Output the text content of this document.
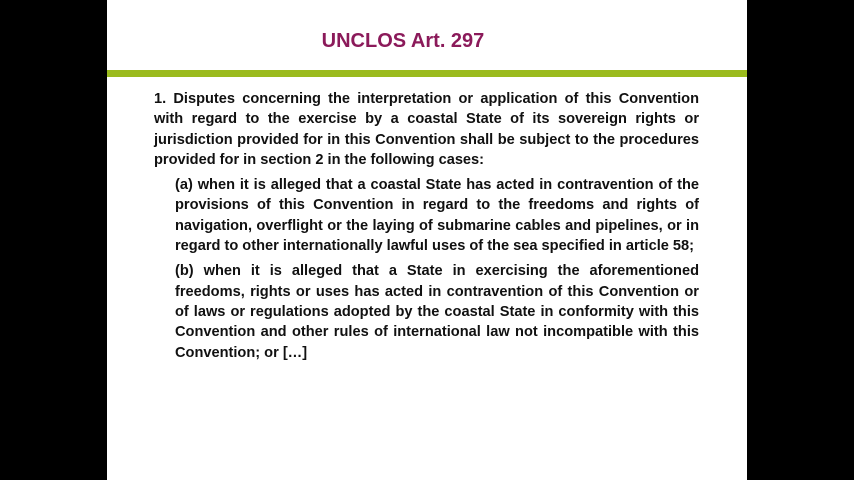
UNCLOS Art. 297

1. Disputes concerning the interpretation or application of this Convention with regard to the exercise by a coastal State of its sovereign rights or jurisdiction provided for in this Convention shall be subject to the procedures provided for in section 2 in the following cases:

(a) when it is alleged that a coastal State has acted in contravention of the provisions of this Convention in regard to the freedoms and rights of navigation, overflight or the laying of submarine cables and pipelines, or in regard to other internationally lawful uses of the sea specified in article 58;

(b) when it is alleged that a State in exercising the aforementioned freedoms, rights or uses has acted in contravention of this Convention or of laws or regulations adopted by the coastal State in conformity with this Convention and other rules of international law not incompatible with this Convention; or […]
